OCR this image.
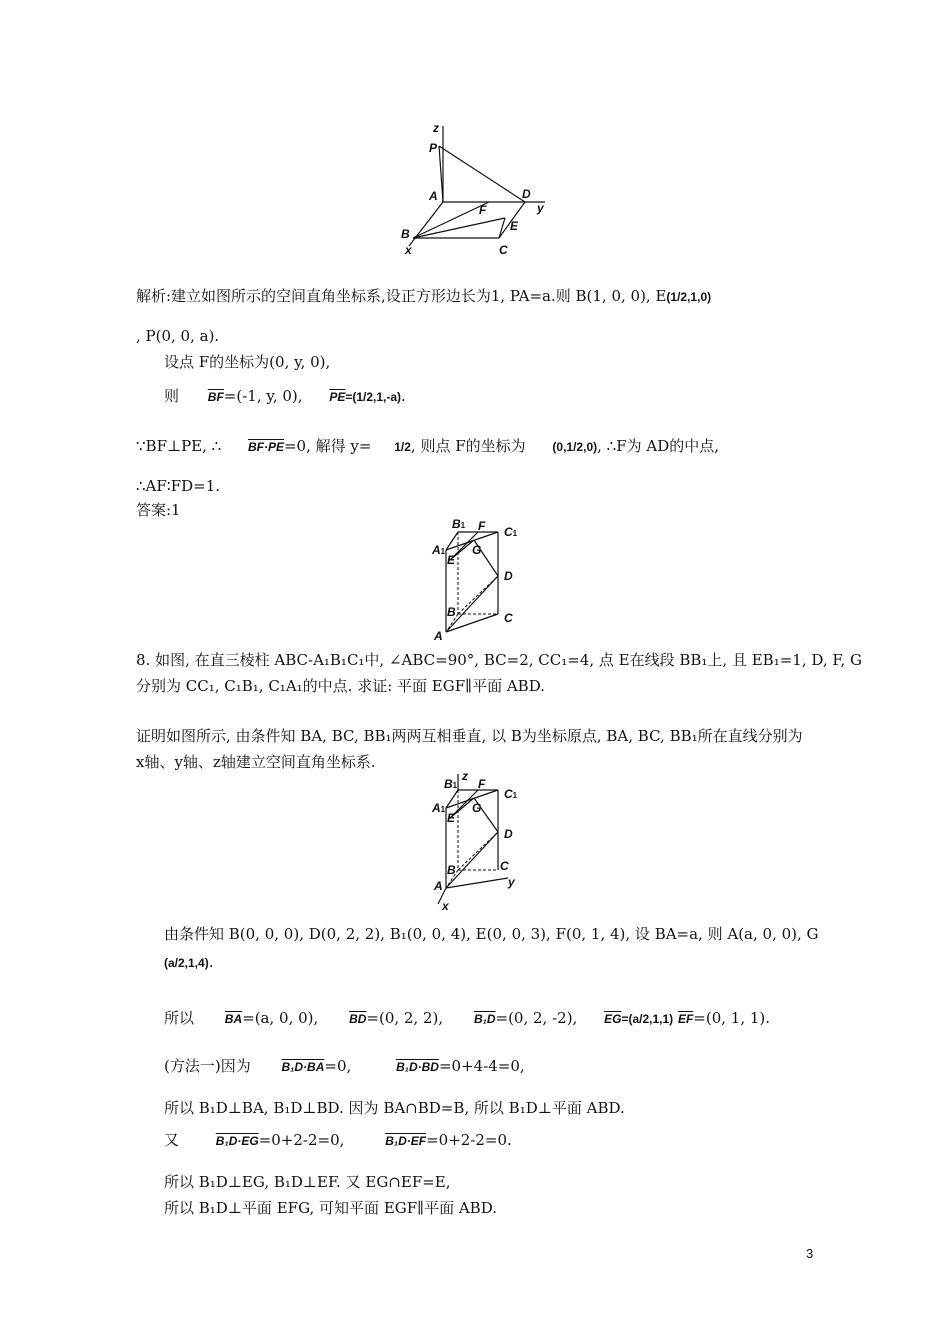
z
P
A	D
y
F
E
B
x	C
解析:建立如图所示的空间直角坐标系,设正方形边长为1, PA=a.则 B(1, 0, 0), E(1/2,1,0)
, P(0, 0, a).
设点 F的坐标为(0, y, 0),
则 $\overline{BF}=(-1$, y, 0), $\overline{PE}=(1/2,1,-a)$.
∵BF⊥PE, ∴ BF·PE=0, 解得 y= 1/2, 则点 F的坐标为 (0,1/2,0), ∴F为 AD的中点,
∴AF∶FD=1.
答案:1
B1 F C1
A1 G
E
D
B	C
A
8. 如图, 在直三棱柱 ABC-A₁B₁C₁中, ∠ABC=90°, BC=2, CC₁=4, 点 E在线段 BB₁上, 且 EB₁=1, D, F, G
分别为 CC₁, C₁B₁, C₁A₁的中点. 求证: 平面 EGF∥平面 ABD.
证明如图所示, 由条件知 BA, BC, BB₁两两互相垂直, 以 B为坐标原点, BA, BC, BB₁所在直线分别为
x轴、y轴、z轴建立空间直角坐标系.
z
B1 F
C1
A1 G
E
D
B	C
y
A
x
由条件知 B(0, 0, 0), D(0, 2, 2), B₁(0, 0, 4), E(0, 0, 3), F(0, 1, 4), 设 BA=a, 则 A(a, 0, 0), G
(a/2,1,4).
所以	$\overline{BA}=(a$, 0, 0),	$\overline{BD}=(0$, 2, 2),	B₁D=(0, 2, -2), $\overline{EG}=(a/2,1,1)$ $\overline{EF}=(0$, 1, 1).
(方法一)因为	B₁D·BA=0,	B₁D·BD=0+4-4=0,
所以 B₁D⊥BA, B₁D⊥BD. 因为 BA∩BD=B, 所以 B₁D⊥平面 ABD.
又	B₁D·EG=0+2-2=0,	B₁D·EF=0+2-2=0.
所以 B₁D⊥EG, B₁D⊥EF. 又 EG∩EF=E,
所以 B₁D⊥平面 EFG, 可知平面 EGF∥平面 ABD.
3
